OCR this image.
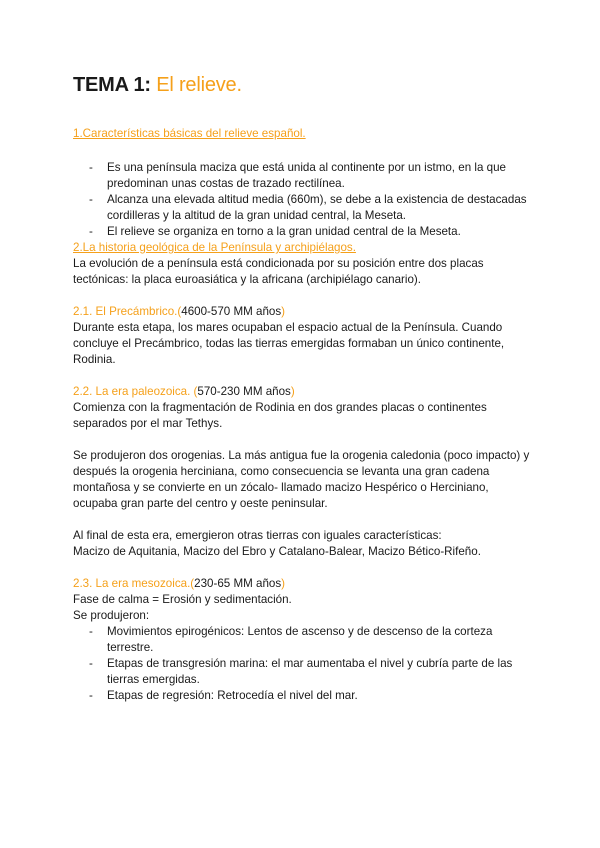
TEMA 1: El relieve.

1.Características básicas del relieve español.

- Es una península maciza que está unida al continente por un istmo, en la que predominan unas costas de trazado rectilínea.
- Alcanza una elevada altitud media (660m), se debe a la existencia de destacadas cordilleras y la altitud de la gran unidad central, la Meseta.
- El relieve se organiza en torno a la gran unidad central de la Meseta.

2.La historia geológica de la Península y archipiélagos.

La evolución de a península está condicionada por su posición entre dos placas tectónicas: la placa euroasiática y la africana (archipiélago canario).

2.1. El Precámbrico.(4600-570 MM años)

Durante esta etapa, los mares ocupaban el espacio actual de la Península. Cuando concluye el Precámbrico, todas las tierras emergidas formaban un único continente, Rodinia.

2.2. La era paleozoica. (570-230 MM años)

Comienza con la fragmentación de Rodinia en dos grandes placas o continentes separados por el mar Tethys.

Se produjeron dos orogenias. La más antigua fue la orogenia caledonia (poco impacto) y después la orogenia herciniana, como consecuencia se levanta una gran cadena montañosa y se convierte en un zócalo- llamado macizo Hespérico o Herciniano, ocupaba gran parte del centro y oeste peninsular.

Al final de esta era, emergieron otras tierras con iguales características:

Macizo de Aquitania, Macizo del Ebro y Catalano-Balear, Macizo Bético-Rifeño.

2.3. La era mesozoica.(230-65 MM años)

Fase de calma = Erosión y sedimentación.

Se produjeron:

- Movimientos epirogénicos: Lentos de ascenso y de descenso de la corteza terrestre.
- Etapas de transgresión marina: el mar aumentaba el nivel y cubría parte de las tierras emergidas.
- Etapas de regresión: Retrocedía el nivel del mar.
